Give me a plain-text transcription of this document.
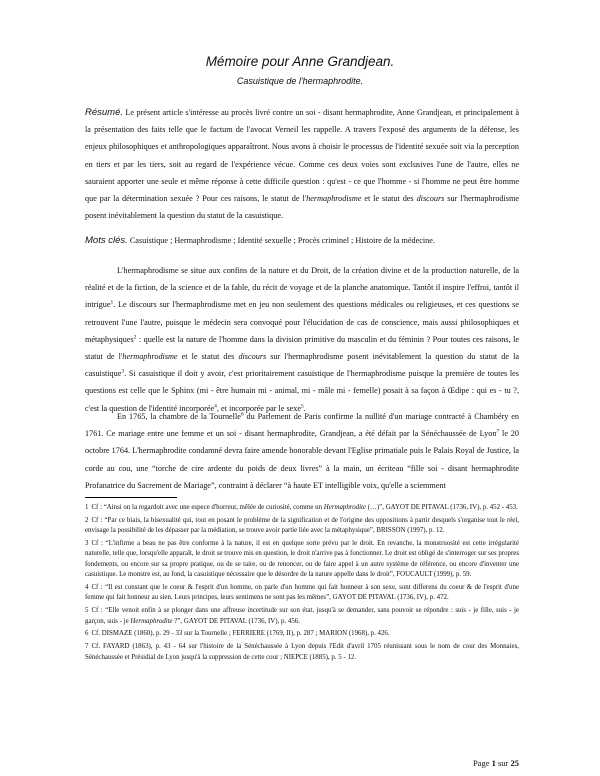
Mémoire pour Anne Grandjean.
Casuistique de l'hermaphrodite.

Résumé. Le présent article s'intéresse au procès livré contre un soi - disant hermaphrodite, Anne Grandjean, et principalement à la présentation des faits telle que le factum de l'avocat Verneil les rappelle. A travers l'exposé des arguments de la défense, les enjeux philosophiques et anthropologiques apparaîtront. Nous avons à choisir le processus de l'identité sexuée soit via la perception en tiers et par les tiers, soit au regard de l'expérience vécue. Comme ces deux voies sont exclusives l'une de l'autre, elles ne sauraient apporter une seule et même réponse à cette difficile question : qu'est - ce que l'homme - si l'homme ne peut être homme que par la détermination sexuée ? Pour ces raisons, le statut de l'hermaphrodisme et le statut des discours sur l'hermaphrodisme posent inévitablement la question du statut de la casuistique.

Mots clés. Casuistique ; Hermaphrodisme ; Identité sexuelle ; Procès criminel ; Histoire de la médecine.

L'hermaphrodisme se situe aux confins de la nature et du Droit, de la création divine et de la production naturelle, de la réalité et de la fiction, de la science et de la fable, du récit de voyage et de la planche anatomique. Tantôt il inspire l'effroi, tantôt il intrigue$^1$. Le discours sur l'hermaphrodisme met en jeu non seulement des questions médicales ou religieuses, et ces questions se retrouvent l'une l'autre, puisque le médecin sera convoqué pour l'élucidation de cas de conscience, mais aussi philosophiques et métaphysiques$^2$ : quelle est la nature de l'homme dans la division primitive du masculin et du féminin ? Pour toutes ces raisons, le statut de l'hermaphrodisme et le statut des discours sur l'hermaphrodisme posent inévitablement la question du statut de la casuistique$^3$. Si casuistique il doit y avoir, c'est prioritairement casuistique de l'hermaphrodisme puisque la première de toutes les questions est celle que le Sphinx (mi - être humain mi - animal, mi - mâle mi - femelle) posait à sa façon à Œdipe : qui es - tu ?, c'est la question de l'identité incorporée$^4$, et incorporée par le sexe$^5$.

En 1765, la chambre de la Tournelle$^6$ du Parlement de Paris confirme la nullité d'un mariage contracté à Chambéry en 1761. Ce mariage entre une femme et un soi - disant hermaphrodite, Grandjean, a été défait par la Sénéchaussée de Lyon$^7$ le 20 octobre 1764. L'hermaphrodite condamné devra faire amende honorable devant l'Eglise primatiale puis le Palais Royal de Justice, la corde au cou, une “torche de cire ardente du poids de deux livres” à la main, un écriteau “fille soi - disant hermaphrodite Profanatrice du Sacrement de Mariage”, contraint à déclarer “à haute ET intelligible voix, qu'elle a sciemment

1 Cf : “Ainsi on la regardoit avec une espece d'horreur, mêlée de curiosité, comme un Hermaphrodite (…)”, GAYOT DE PITAVAL (1736, IV), p. 452 - 453.

2 Cf : “Par ce biais, la bisexualité qui, tout en posant le problème de la signification et de l'origine des oppositions à partir desquels s'organise tout le réel, envisage la possibilité de les dépasser par la médiation, se trouve avoir partie liée avec la métaphysique”, BRISSON (1997), p. 12.

3 Cf : “L'infirme a beau ne pas être conforme à la nature, il est en quelque sorte prévu par le droit. En revanche, la monstruosité est cette irrégularité naturelle, telle que, lorsqu'elle apparaît, le droit se trouve mis en question, le droit n'arrive pas à fonctionner. Le droit est obligé de s'interroger sur ses propres fondements, ou encore sur sa propre pratique, ou de se taire, ou de renoncer, ou de faire appel à un autre système de référence, ou encore d'inventer une casuistique. Le monstre est, au fond, la casuistique nécessaire que le désordre de la nature appelle dans le droit”, FOUCAULT (1999), p. 59.

4 Cf : “Il est constant que le coeur & l'esprit d'un homme, on parle d'un homme qui fait honneur à son sexe, sont differens du coeur & de l'esprit d'une femme qui fait honneur au sien. Leurs principes, leurs sentimens ne sont pas les mêmes”, GAYOT DE PITAVAL (1736, IV), p. 472.

5 Cf : “Elle venoit enfin à se plonger dans une affreuse incertitude sur son état, jusqu'à se demander, sans pouvoir se répondre : suis - je fille, suis - je garçon, suis - je Hermaphrodite ?”, GAYOT DE PITAVAL (1736, IV), p. 456.

6 Cf. DISMAZE (1860), p. 29 - 33 sur la Tournelle ; FERRIERE (1769, II), p. 287 ; MARION (1968), p. 426.

7 Cf. FAYARD (1863), p. 43 - 64 sur l'histoire de la Sénéchaussée à Lyon depuis l'Edit d'avril 1705 réunissant sous le nom de cour des Monnaies, Sénéchaussée et Présidial de Lyon jusqu'à la suppression de cette cour ; NIEPCE (1885), p. 5 - 12.

Page 1 sur 25
